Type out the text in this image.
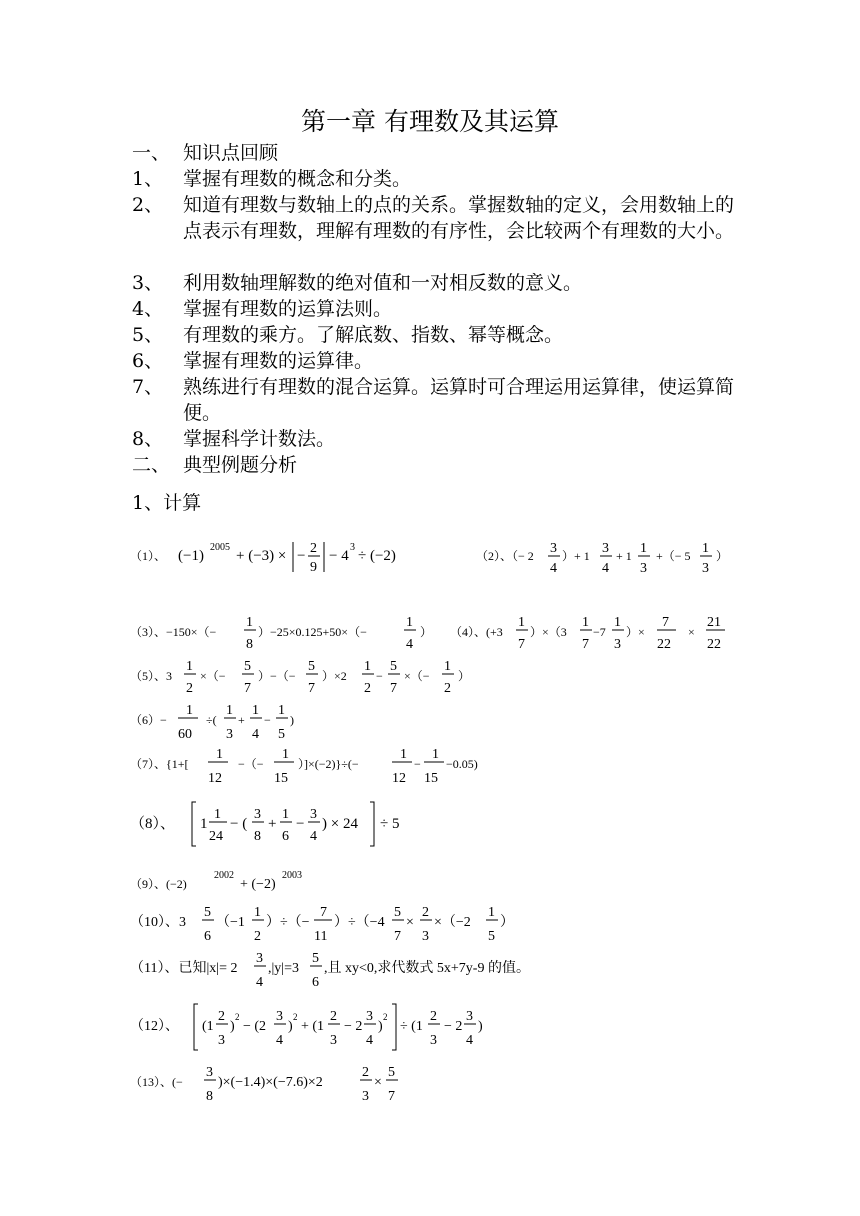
第一章 有理数及其运算
一、 知识点回顾
1、 掌握有理数的概念和分类。
2、 知道有理数与数轴上的点的关系。掌握数轴的定义，会用数轴上的点表示有理数，理解有理数的有序性，会比较两个有理数的大小。
3、 利用数轴理解数的绝对值和一对相反数的意义。
4、 掌握有理数的运算法则。
5、 有理数的乘方。了解底数、指数、幂等概念。
6、 掌握有理数的运算律。
7、 熟练进行有理数的混合运算。运算时可合理运用运算律，使运算简便。
8、 掌握科学计数法。
二、 典型例题分析
1、计算
（1）、 (−1)
2005
+ (−3) × − 2
9
− 4
3
÷ (−2)	（2）、（− 2 3
4
）+ 1 3
4
+ 1 1
3
+（− 5 1
3
）
（3）、−150×（−
1
8
）−25×0.125+50×（−
1
4
） （4）、(+3
1
7
）×（3
1
7
−7
1
3
）×
7
22
×
21
22
（5）、3
1
2
×（−
5
7
）−（−
5
7
）×2
1
2
−
5
7
×（−
1
2
）
（6）−
1
60
÷(
1
3
+
1
4
−
1
5
)
（7）、{1+[
1
12
−（−
1
15
）]×(−2)}÷(−
1
12
−
1
15
−0.05)
（8）、 1
1
24
− (
3
8
+
1
6
−
3
4
) × 24 ÷ 5
（9）、(−2)
2002
+ (−2)
2003
（10）、3
5
6
（−1
1
2
）÷（−
7
11
）÷（−4
5
7
×
2
3
×（−2
1
5
）
（11）、已知|x|= 2
3
4
,|y|=3
5
6
,且 xy<0,求代数式 5x+7y-9 的值。
（12）、 (1
2
3
)
2
− (2
3
4
)
2
+ (1
2
3
− 2
3
4
)
2
÷ (1
2
3
− 2
3
4
)
（13）、(−
3
8
)×(−1.4)×(−7.6)×2
2
3
×
5
7
